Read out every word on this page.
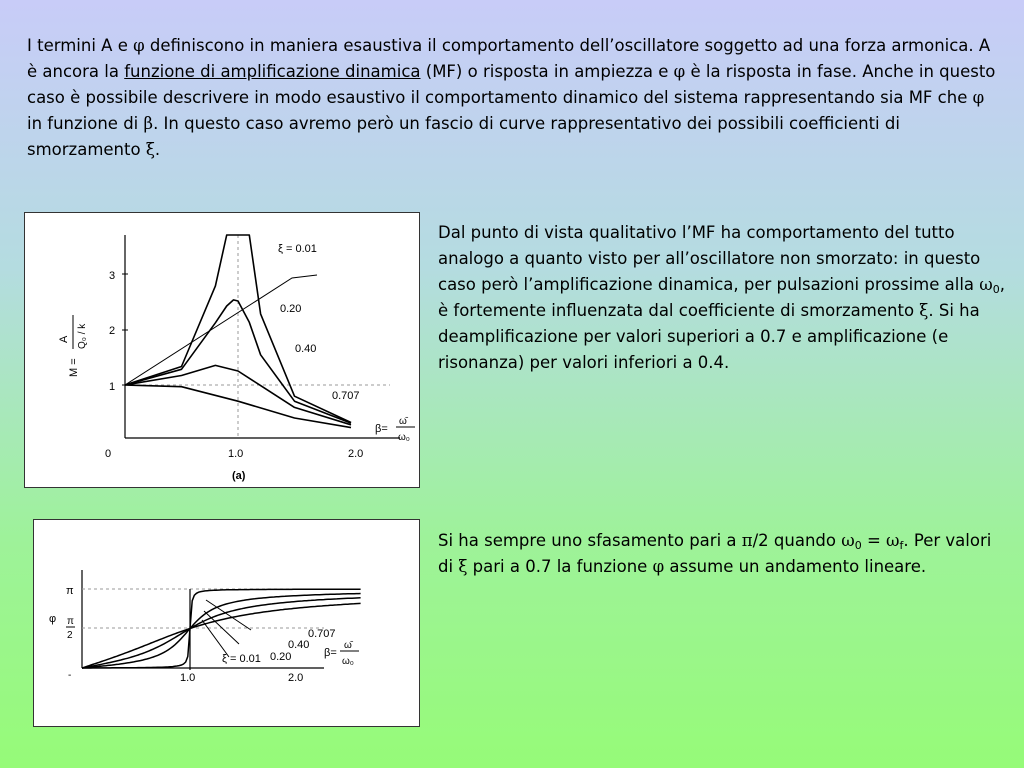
I termini A e φ definiscono in maniera esaustiva il comportamento dell’oscillatore soggetto ad una forza armonica. A è ancora la funzione di amplificazione dinamica (MF) o risposta in ampiezza e φ è la risposta in fase. Anche in questo caso è possibile descrivere in modo esaustivo il comportamento dinamico del sistema rappresentando sia MF che φ in funzione di β. In questo caso avremo però un fascio di curve rappresentativo dei possibili coefficienti di smorzamento ξ.
3
2
1
0	1.0	2.0
M =
A Q₀ / k
ξ = 0.01
0.20
0.40
0.707
β=
ω̄
ω₀
(a)
Dal punto di vista qualitativo l’MF ha comportamento del tutto analogo a quanto visto per all’oscillatore non smorzato: in questo caso però l’amplificazione dinamica, per pulsazioni prossime alla $\omega_0$, è fortemente influenzata dal coefficiente di smorzamento ξ. Si ha deamplificazione per valori superiori a 0.7 e amplificazione (e risonanza) per valori inferiori a 0.4.
π
π
2
φ
-	1.0	2.0
0.707
0.40
0.20
ξ = 0.01	β=
ω̄
ω₀
Si ha sempre uno sfasamento pari a π/2 quando $\omega_0 = \omega_f$. Per valori di ξ pari a 0.7 la funzione φ assume un andamento lineare.
